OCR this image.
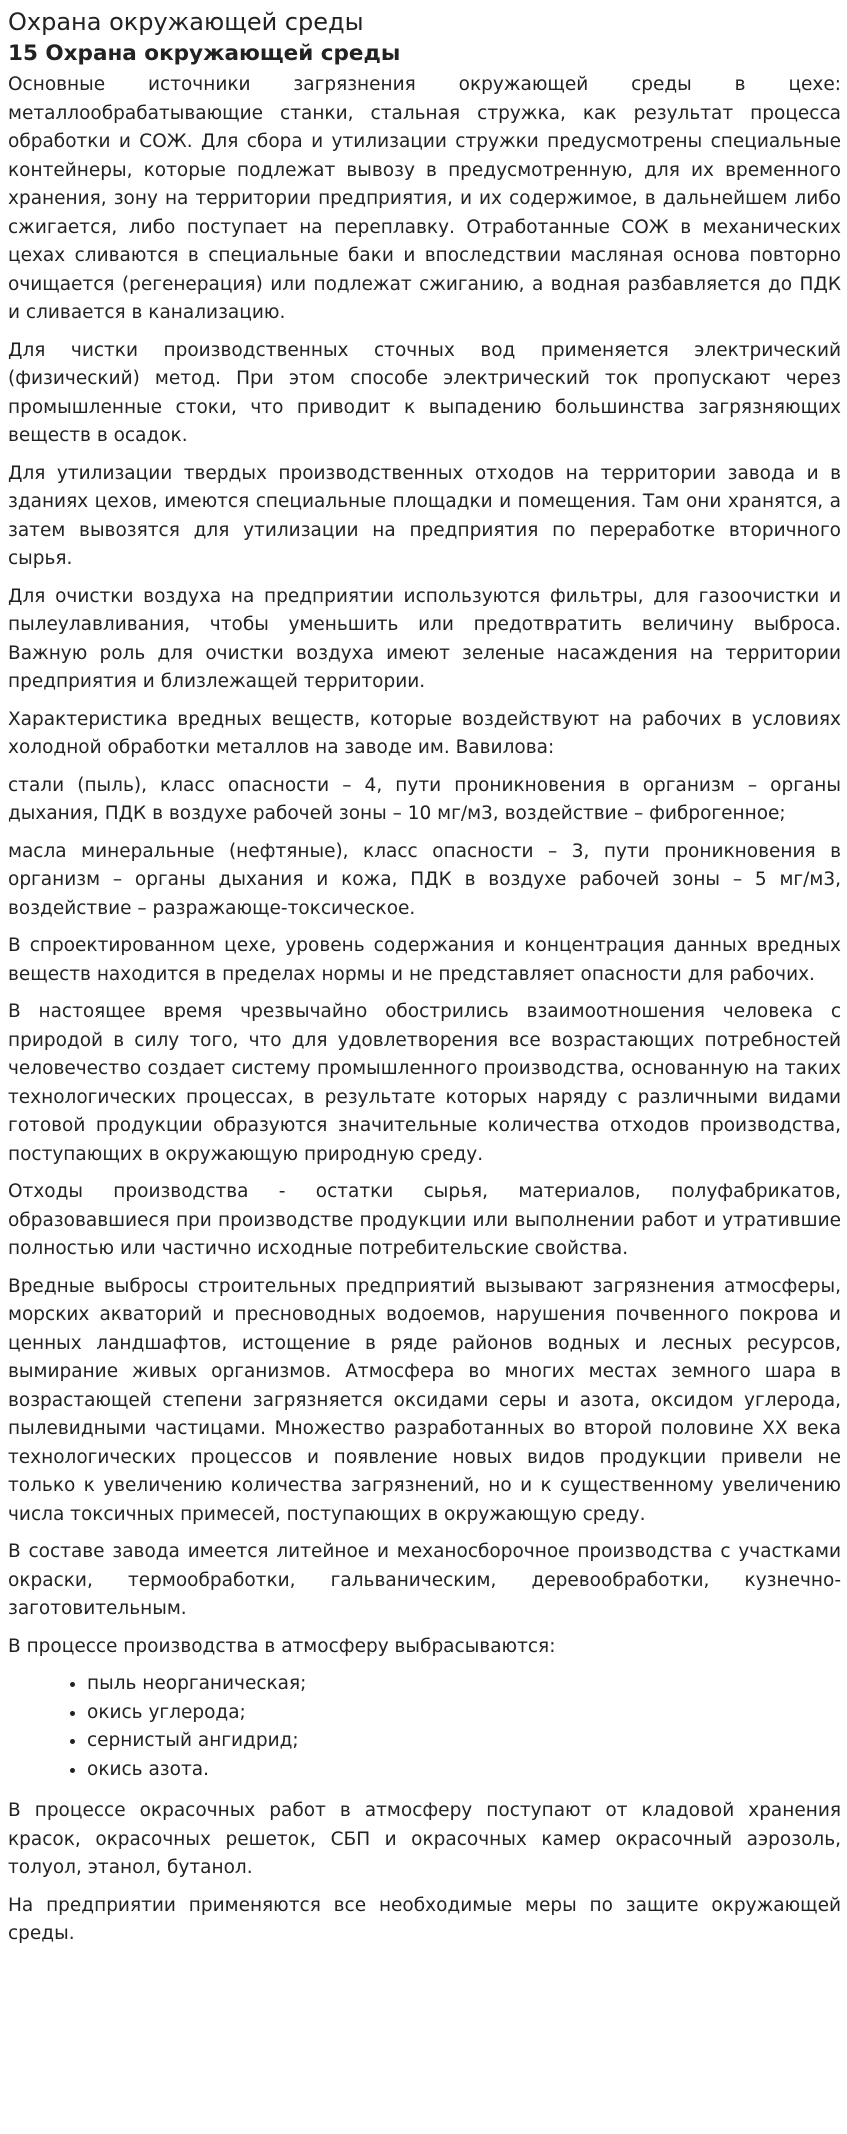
Охрана окружающей среды
15 Охрана окружающей среды

Основные источники загрязнения окружающей среды в цехе: металлообрабатывающие станки, стальная стружка, как результат процесса обработки и СОЖ. Для сбора и утилизации стружки предусмотрены специальные контейнеры, которые подлежат вывозу в предусмотренную, для их временного хранения, зону на территории предприятия, и их содержимое, в дальнейшем либо сжигается, либо поступает на переплавку. Отработанные СОЖ в механических цехах сливаются в специальные баки и впоследствии масляная основа повторно очищается (регенерация) или подлежат сжиганию, а водная разбавляется до ПДК и сливается в канализацию.

Для чистки производственных сточных вод применяется электрический (физический) метод. При этом способе электрический ток пропускают через промышленные стоки, что приводит к выпадению большинства загрязняющих веществ в осадок.

Для утилизации твердых производственных отходов на территории завода и в зданиях цехов, имеются специальные площадки и помещения. Там они хранятся, а затем вывозятся для утилизации на предприятия по переработке вторичного сырья.

Для очистки воздуха на предприятии используются фильтры, для газоочистки и пылеулавливания, чтобы уменьшить или предотвратить величину выброса. Важную роль для очистки воздуха имеют зеленые насаждения на территории предприятия и близлежащей территории.

Характеристика вредных веществ, которые воздействуют на рабочих в условиях холодной обработки металлов на заводе им. Вавилова:

стали (пыль), класс опасности – 4, пути проникновения в организм – органы дыхания, ПДК в воздухе рабочей зоны – 10 мг/м3, воздействие – фиброгенное;

масла минеральные (нефтяные), класс опасности – 3, пути проникновения в организм – органы дыхания и кожа, ПДК в воздухе рабочей зоны – 5 мг/м3, воздействие – разражающе-токсическое.

В спроектированном цехе, уровень содержания и концентрация данных вредных веществ находится в пределах нормы и не представляет опасности для рабочих.

В настоящее время чрезвычайно обострились взаимоотношения человека с природой в силу того, что для удовлетворения все возрастающих потребностей человечество создает систему промышленного производства, основанную на таких технологических процессах, в результате которых наряду с различными видами готовой продукции образуются значительные количества отходов производства, поступающих в окружающую природную среду.

Отходы производства - остатки сырья, материалов, полуфабрикатов, образовавшиеся при производстве продукции или выполнении работ и утратившие полностью или частично исходные потребительские свойства.

Вредные выбросы строительных предприятий вызывают загрязнения атмосферы, морских акваторий и пресноводных водоемов, нарушения почвенного покрова и ценных ландшафтов, истощение в ряде районов водных и лесных ресурсов, вымирание живых организмов. Атмосфера во многих местах земного шара в возрастающей степени загрязняется оксидами серы и азота, оксидом углерода, пылевидными частицами. Множество разработанных во второй половине XX века технологических процессов и появление новых видов продукции привели не только к увеличению количества загрязнений, но и к существенному увеличению числа токсичных примесей, поступающих в окружающую среду.

В составе завода имеется литейное и механосборочное производства с участками окраски, термообработки, гальваническим, деревообработки, кузнечно-заготовительным.

В процессе производства в атмосферу выбрасываются:

• пыль неорганическая;
• окись углерода;
• сернистый ангидрид;
• окись азота.

В процессе окрасочных работ в атмосферу поступают от кладовой хранения красок, окрасочных решеток, СБП и окрасочных камер окрасочный аэрозоль, толуол, этанол, бутанол.

На предприятии применяются все необходимые меры по защите окружающей среды.
